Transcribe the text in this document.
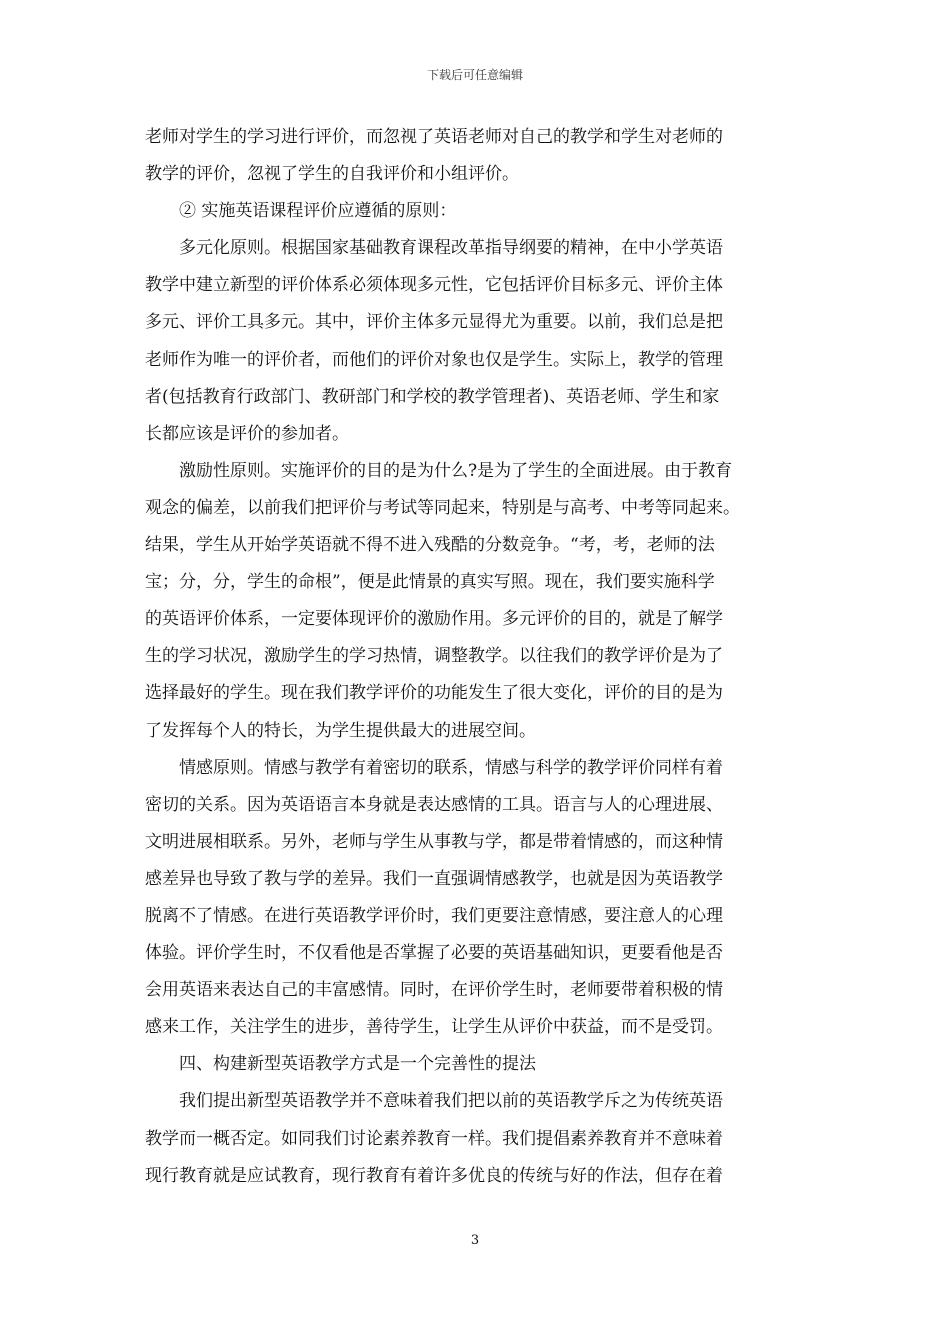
下载后可任意编辑
老师对学生的学习进行评价，而忽视了英语老师对自己的教学和学生对老师的
教学的评价，忽视了学生的自我评价和小组评价。
　　② 实施英语课程评价应遵循的原则：
　　多元化原则。根据国家基础教育课程改革指导纲要的精神，在中小学英语
教学中建立新型的评价体系必须体现多元性，它包括评价目标多元、评价主体
多元、评价工具多元。其中，评价主体多元显得尤为重要。以前，我们总是把
老师作为唯一的评价者，而他们的评价对象也仅是学生。实际上，教学的管理
者(包括教育行政部门、教研部门和学校的教学管理者)、英语老师、学生和家
长都应该是评价的参加者。
　　激励性原则。实施评价的目的是为什么?是为了学生的全面进展。由于教育
观念的偏差，以前我们把评价与考试等同起来，特别是与高考、中考等同起来。
结果，学生从开始学英语就不得不进入残酷的分数竞争。“考，考，老师的法
宝；分，分，学生的命根”，便是此情景的真实写照。现在，我们要实施科学
的英语评价体系，一定要体现评价的激励作用。多元评价的目的，就是了解学
生的学习状况，激励学生的学习热情，调整教学。以往我们的教学评价是为了
选择最好的学生。现在我们教学评价的功能发生了很大变化，评价的目的是为
了发挥每个人的特长，为学生提供最大的进展空间。
　　情感原则。情感与教学有着密切的联系，情感与科学的教学评价同样有着
密切的关系。因为英语语言本身就是表达感情的工具。语言与人的心理进展、
文明进展相联系。另外，老师与学生从事教与学，都是带着情感的，而这种情
感差异也导致了教与学的差异。我们一直强调情感教学，也就是因为英语教学
脱离不了情感。在进行英语教学评价时，我们更要注意情感，要注意人的心理
体验。评价学生时，不仅看他是否掌握了必要的英语基础知识，更要看他是否
会用英语来表达自己的丰富感情。同时，在评价学生时，老师要带着积极的情
感来工作，关注学生的进步，善待学生，让学生从评价中获益，而不是受罚。
　　四、构建新型英语教学方式是一个完善性的提法
　　我们提出新型英语教学并不意味着我们把以前的英语教学斥之为传统英语
教学而一概否定。如同我们讨论素养教育一样。我们提倡素养教育并不意味着
现行教育就是应试教育，现行教育有着许多优良的传统与好的作法，但存在着
3
